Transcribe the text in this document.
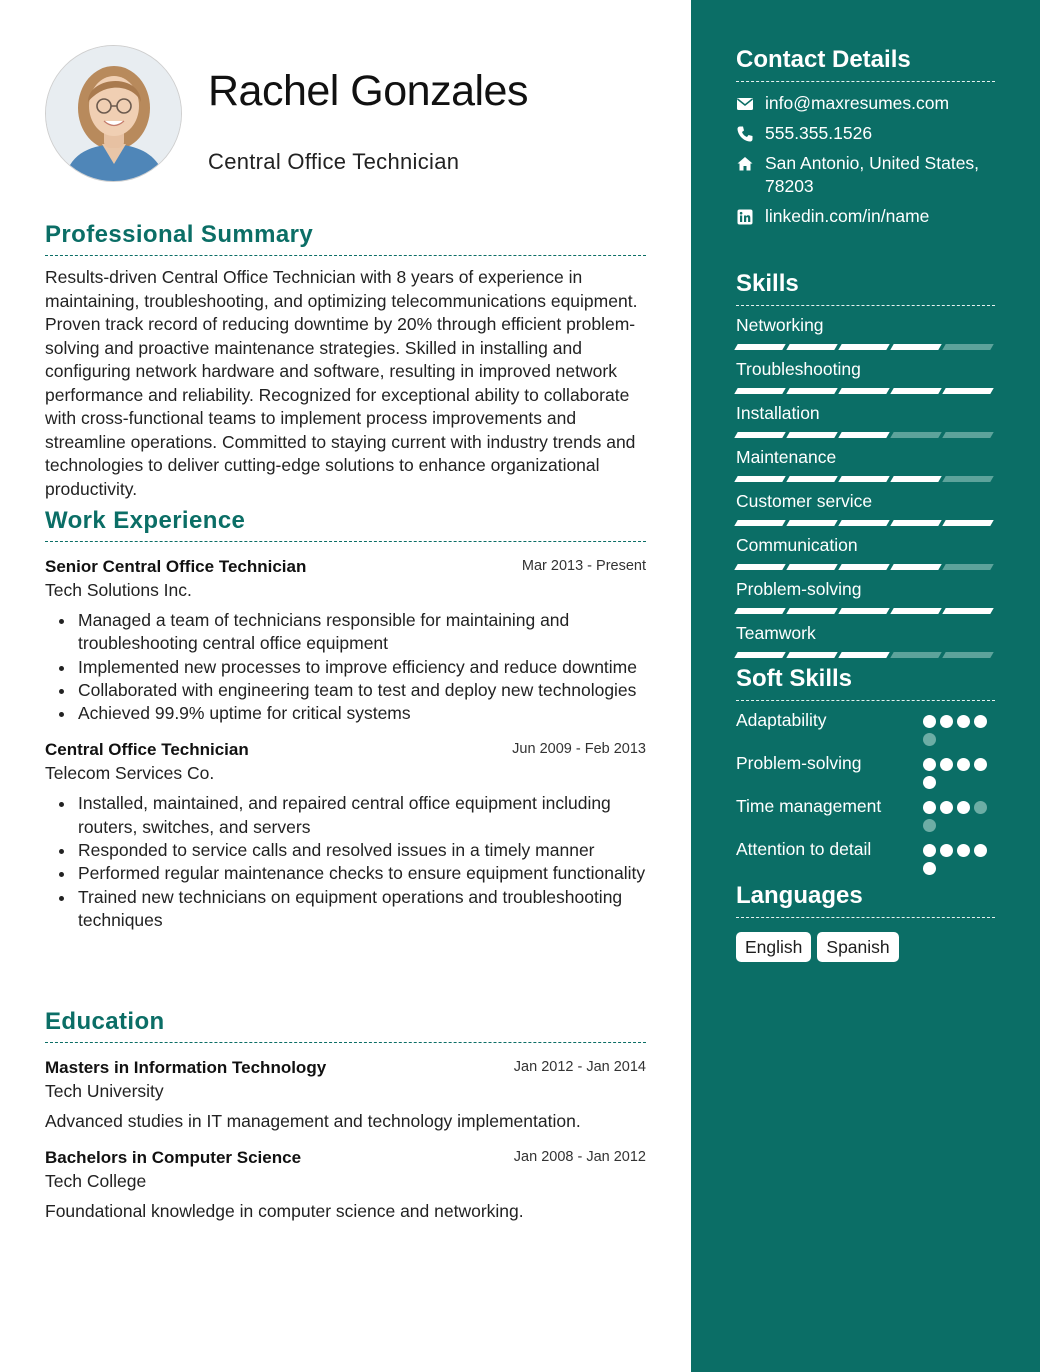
Rachel Gonzales
Central Office Technician
Professional Summary

Results-driven Central Office Technician with 8 years of experience in maintaining, troubleshooting, and optimizing telecommunications equipment. Proven track record of reducing downtime by 20% through efficient problem-solving and proactive maintenance strategies. Skilled in installing and configuring network hardware and software, resulting in improved network performance and reliability. Recognized for exceptional ability to collaborate with cross-functional teams to implement process improvements and streamline operations. Committed to staying current with industry trends and technologies to deliver cutting-edge solutions to enhance organizational productivity.

Work Experience
Senior Central Office Technician	Mar 2013 - Present
Tech Solutions Inc.
Managed a team of technicians responsible for maintaining and troubleshooting central office equipment
Implemented new processes to improve efficiency and reduce downtime
Collaborated with engineering team to test and deploy new technologies
Achieved 99.9% uptime for critical systems
Central Office Technician	Jun 2009 - Feb 2013
Telecom Services Co.
Installed, maintained, and repaired central office equipment including routers, switches, and servers
Responded to service calls and resolved issues in a timely manner
Performed regular maintenance checks to ensure equipment functionality
Trained new technicians on equipment operations and troubleshooting techniques
Education
Masters in Information Technology	Jan 2012 - Jan 2014
Tech University
Advanced studies in IT management and technology implementation.
Bachelors in Computer Science	Jan 2008 - Jan 2012
Tech College
Foundational knowledge in computer science and networking.
Contact Details
info@maxresumes.com
555.355.1526
San Antonio, United States, 78203
linkedin.com/in/name
Skills
Networking
Troubleshooting
Installation
Maintenance
Customer service
Communication
Problem-solving
Teamwork
Soft Skills
Adaptability
Problem-solving
Time management
Attention to detail
Languages
English	Spanish
